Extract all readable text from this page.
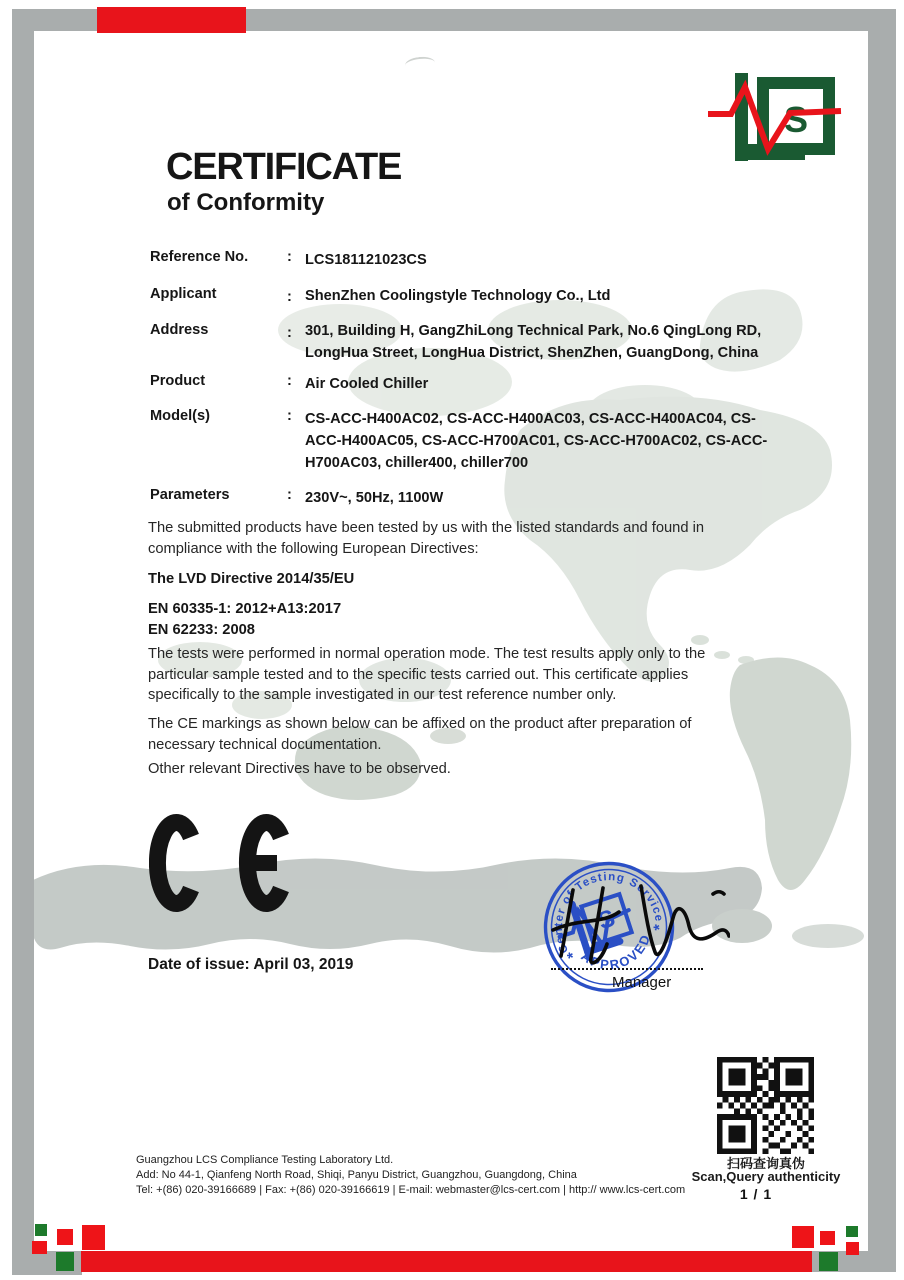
S
CERTIFICATE
of Conformity
Reference No.	: LCS181121023CS
Applicant	: ShenZhen Coolingstyle Technology Co., Ltd
Address	: 301, Building H, GangZhiLong Technical Park, No.6 QingLong RD,
LongHua Street, LongHua District, ShenZhen, GuangDong, China
Product	: Air Cooled Chiller
Model(s)	: CS-ACC-H400AC02, CS-ACC-H400AC03, CS-ACC-H400AC04, CS-
ACC-H400AC05, CS-ACC-H700AC01, CS-ACC-H700AC02, CS-ACC-
H700AC03, chiller400, chiller700
Parameters	: 230V~, 50Hz, 1100W
The submitted products have been tested by us with the listed standards and found in
compliance with the following European Directives:
The LVD Directive 2014/35/EU
EN 60335-1: 2012+A13:2017
EN 62233: 2008
The tests were performed in normal operation mode. The test results apply only to the
particular sample tested and to the specific tests carried out. This certificate applies
specifically to the sample investigated in our test reference number only.
The CE markings as shown below can be affixed on the product after preparation of
necessary technical documentation.
Other relevant Directives have to be observed.
Date of issue: April 03, 2019
Center of Testing Service
APPROVED
*
*
S
Manager
扫码查询真伪
Scan,Query authenticity
1 / 1
Guangzhou LCS Compliance Testing Laboratory Ltd.
Add: No 44-1, Qianfeng North Road, Shiqi, Panyu District, Guangzhou, Guangdong, China
Tel: +(86) 020-39166689 | Fax: +(86) 020-39166619 | E-mail: webmaster@lcs-cert.com | http:// www.lcs-cert.com
